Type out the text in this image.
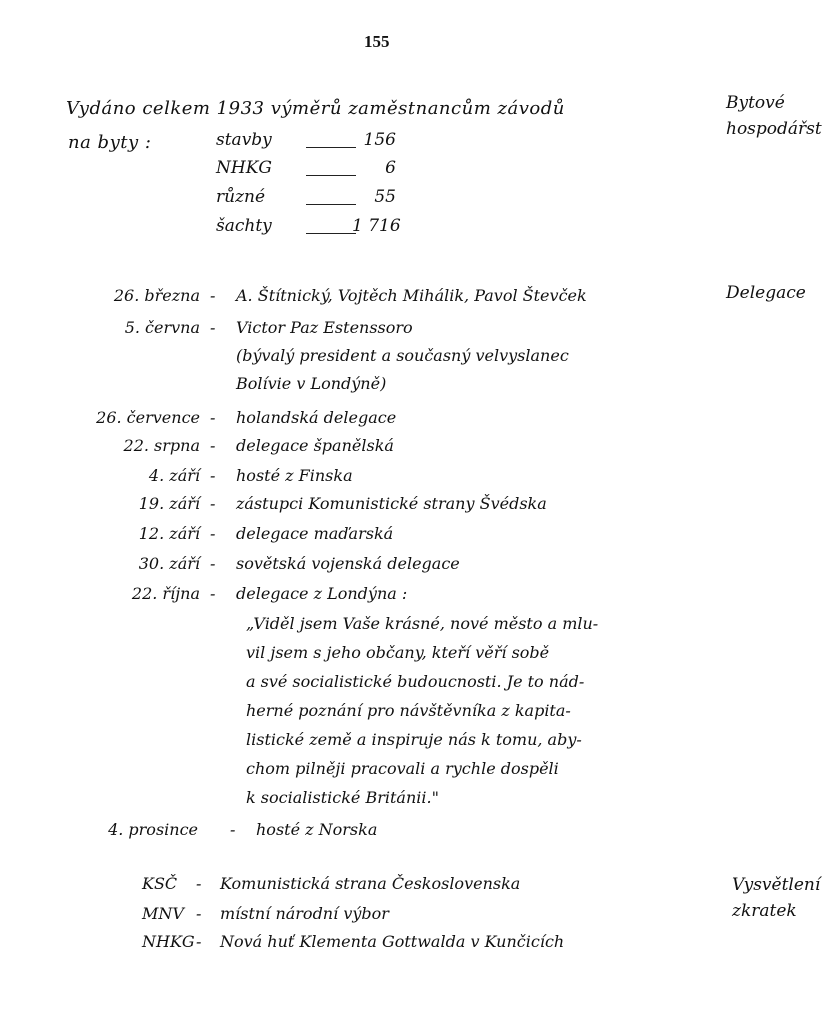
155
Vydáno celkem 1933 výměrů zaměstnancům závodů
na byty :	stavby	156
NHKG	6
různé	55
šachty	1 716
Bytové
hospodářst
Delegace
Vysvětlení
zkratek
26. března - A. Štítnický, Vojtěch Mihálik, Pavol Števček
5. června - Victor Paz Estenssoro
(bývalý president a současný velvyslanec
Bolívie v Londýně)
26. července - holandská delegace
22. srpna - delegace španělská
4. září - hosté z Finska
19. září - zástupci Komunistické strany Švédska
12. září - delegace maďarská
30. září - sovětská vojenská delegace
22. října - delegace z Londýna :
„Viděl jsem Vaše krásné, nové město a mlu-
vil jsem s jeho občany, kteří věří sobě
a své socialistické budoucnosti. Je to nád-
herné poznání pro návštěvníka z kapita-
listické země a inspiruje nás k tomu, aby-
chom pilněji pracovali a rychle dospěli
k socialistické Británii."
4. prosince - hosté z Norska
KSČ - Komunistická strana Československa
MNV - místní národní výbor
NHKG - Nová huť Klementa Gottwalda v Kunčicích
